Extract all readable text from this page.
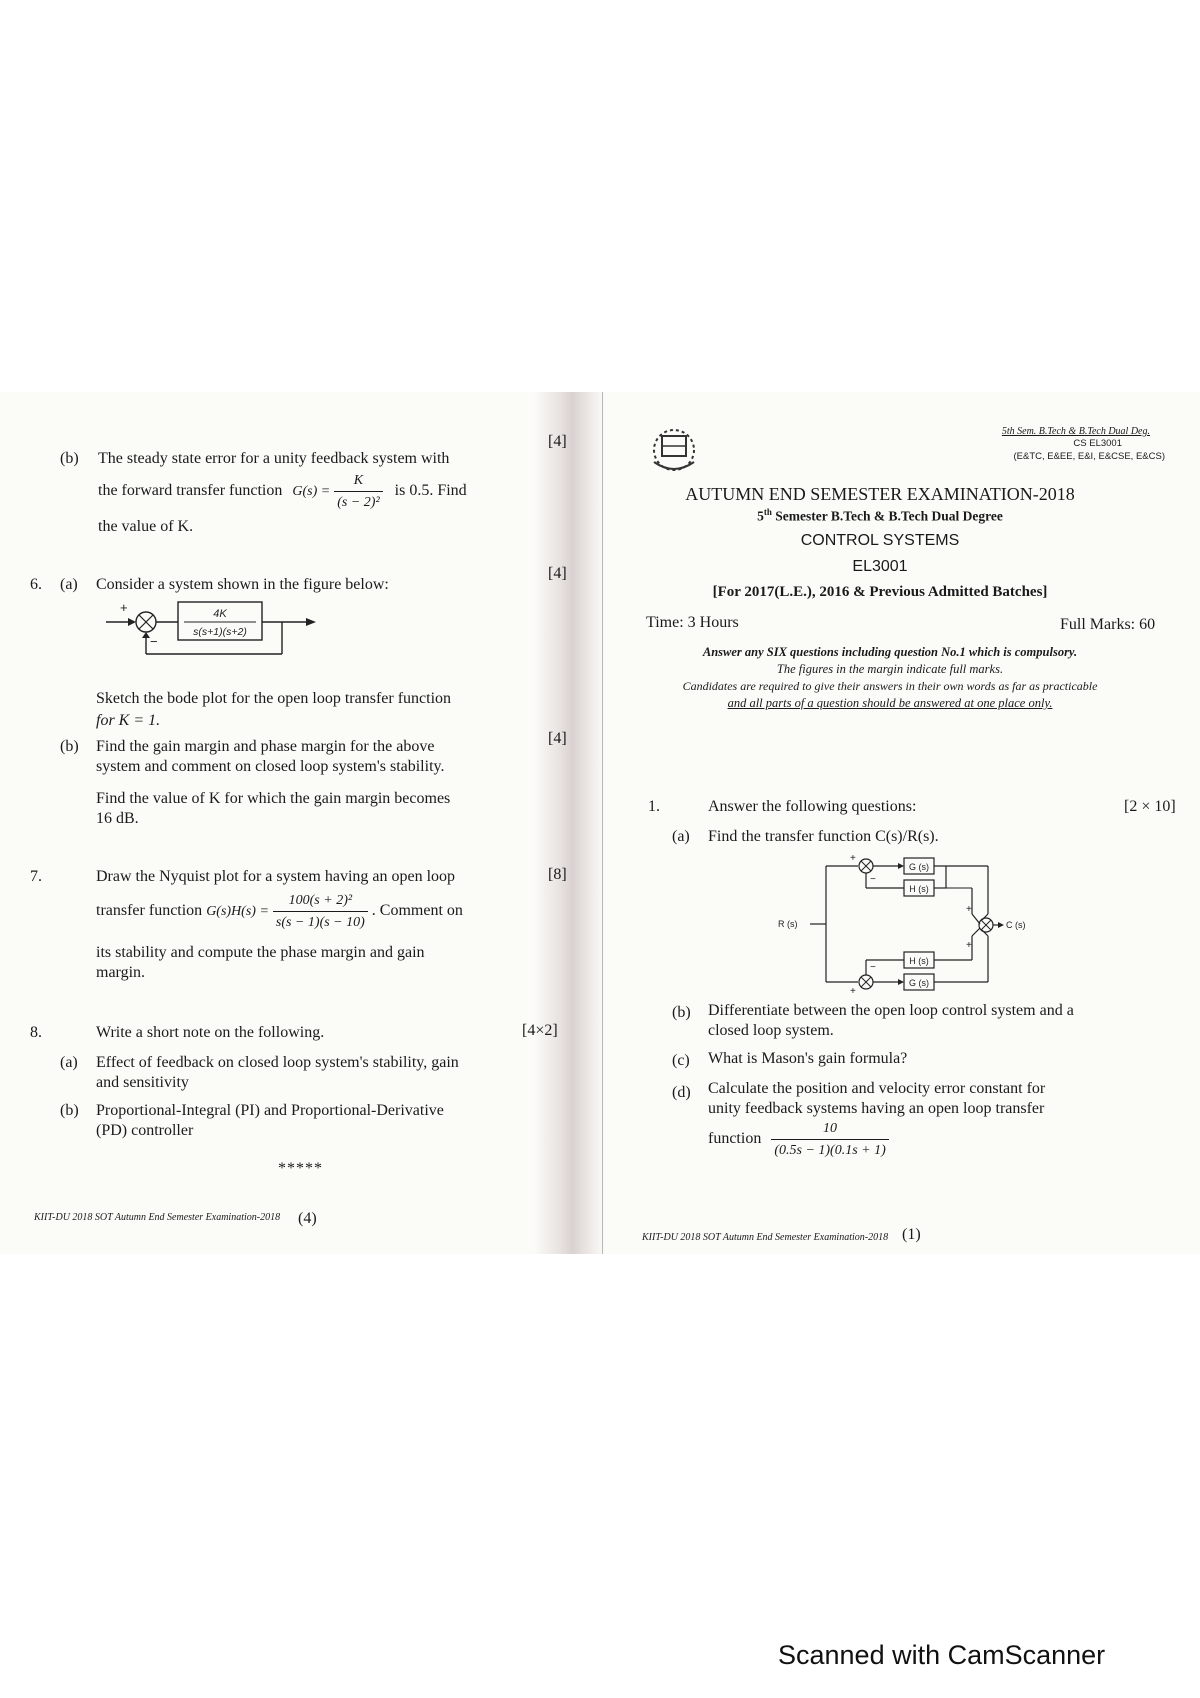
(b) The steady state error for a unity feedback system with
[4]
the forward transfer function $G(s) = \frac{K}{\text{(s − 2)²}}$ is 0.5. Find
the value of K.
6. (a) Consider a system shown in the figure below:
[4]
+
−
4K
s(s+1)(s+2)
Sketch the bode plot for the open loop transfer function
for K = 1.
(b) Find the gain margin and phase margin for the above	[4]
system and comment on closed loop system's stability.
Find the value of K for which the gain margin becomes
16 dB.
7.	Draw the Nyquist plot for a system having an open loop	[8]
transfer function $G(s)H(s) = \frac{\text{100(s + 2)²}}{s(s - 1)(s - 10)}$ . Comment on
its stability and compute the phase margin and gain
margin.
8.	Write a short note on the following.	[4×2]
(a) Effect of feedback on closed loop system's stability, gain
and sensitivity
(b) Proportional-Integral (PI) and Proportional-Derivative
(PD) controller
*****
KIIT-DU 2018 SOT Autumn End Semester Examination-2018 (4)
5th Sem. B.Tech & B.Tech Dual Deg.
CS EL3001
(E&TC, E&EE, E&I, E&CSE, E&CS)
AUTUMN END SEMESTER EXAMINATION-2018
5th Semester B.Tech & B.Tech Dual Degree
CONTROL SYSTEMS
EL3001
[For 2017(L.E.), 2016 & Previous Admitted Batches]
Time: 3 Hours	Full Marks: 60
Answer any SIX questions including question No.1 which is compulsory.
The figures in the margin indicate full marks.
Candidates are required to give their answers in their own words as far as practicable
and all parts of a question should be answered at one place only.
1.	Answer the following questions:	[2 × 10]
(a) Find the transfer function C(s)/R(s).
R (s)
+
G (s)
−
H (s)
+
G (s)
−
H (s)
+
+
C (s)
(b) Differentiate between the open loop control system and a
closed loop system.
(c) What is Mason's gain formula?
(d) Calculate the position and velocity error constant for
unity feedback systems having an open loop transfer
function $\frac{10}{(0.5s - 1)(0.1s + 1)}$
KIIT-DU 2018 SOT Autumn End Semester Examination-2018 (1)
Scanned with CamScanner
